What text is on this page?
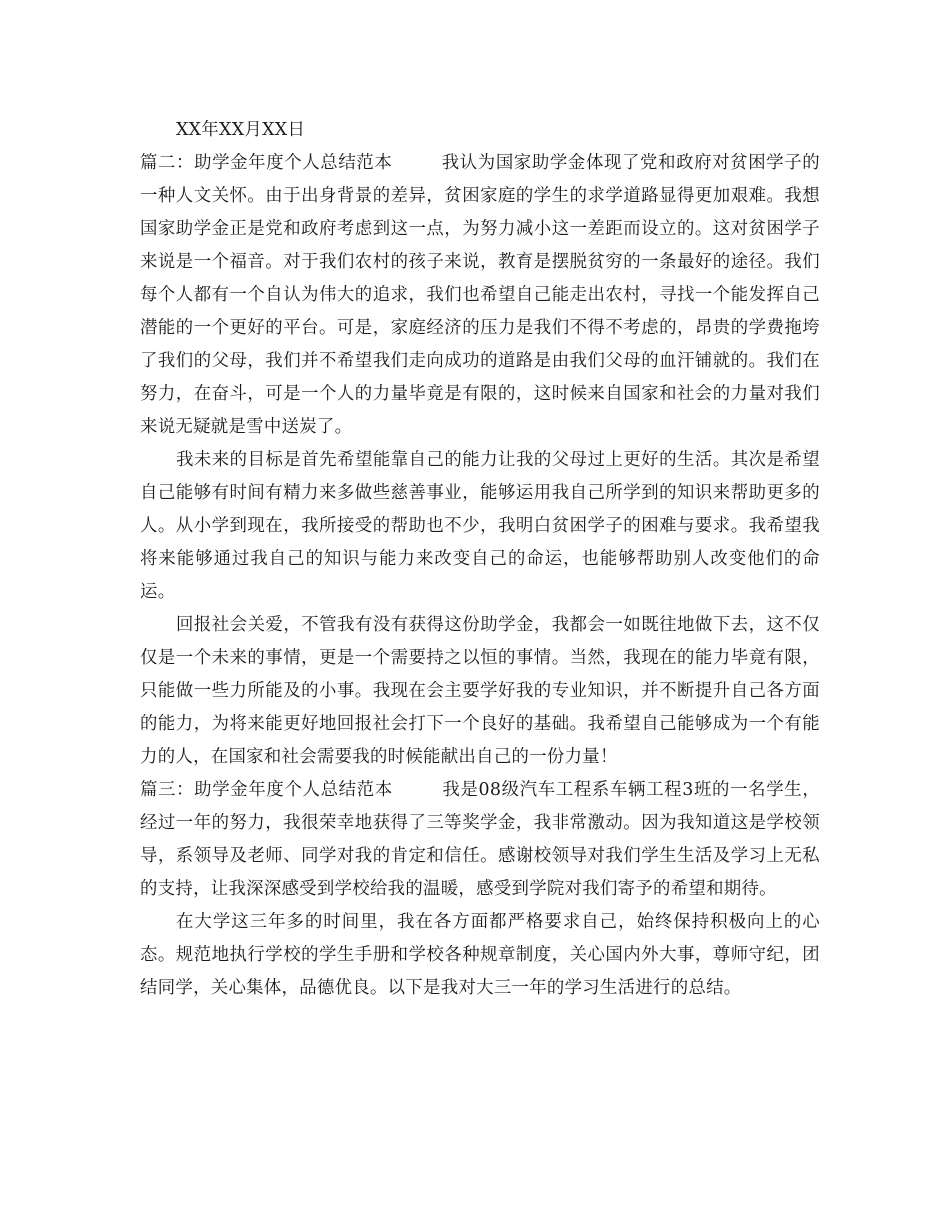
XX年XX月XX日

篇二：助学金年度个人总结范本	我认为国家助学金体现了党和政府对贫困学子的一种人文关怀。由于出身背景的差异，贫困家庭的学生的求学道路显得更加艰难。我想国家助学金正是党和政府考虑到这一点，为努力减小这一差距而设立的。这对贫困学子来说是一个福音。对于我们农村的孩子来说，教育是摆脱贫穷的一条最好的途径。我们每个人都有一个自认为伟大的追求，我们也希望自己能走出农村，寻找一个能发挥自己潜能的一个更好的平台。可是，家庭经济的压力是我们不得不考虑的，昂贵的学费拖垮了我们的父母，我们并不希望我们走向成功的道路是由我们父母的血汗铺就的。我们在努力，在奋斗，可是一个人的力量毕竟是有限的，这时候来自国家和社会的力量对我们来说无疑就是雪中送炭了。

我未来的目标是首先希望能靠自己的能力让我的父母过上更好的生活。其次是希望自己能够有时间有精力来多做些慈善事业，能够运用我自己所学到的知识来帮助更多的人。从小学到现在，我所接受的帮助也不少，我明白贫困学子的困难与要求。我希望我将来能够通过我自己的知识与能力来改变自己的命运，也能够帮助别人改变他们的命运。

回报社会关爱，不管我有没有获得这份助学金，我都会一如既往地做下去，这不仅仅是一个未来的事情，更是一个需要持之以恒的事情。当然，我现在的能力毕竟有限，只能做一些力所能及的小事。我现在会主要学好我的专业知识，并不断提升自己各方面的能力，为将来能更好地回报社会打下一个良好的基础。我希望自己能够成为一个有能力的人，在国家和社会需要我的时候能献出自己的一份力量！

篇三：助学金年度个人总结范本	我是08级汽车工程系车辆工程3班的一名学生，经过一年的努力，我很荣幸地获得了三等奖学金，我非常激动。因为我知道这是学校领导，系领导及老师、同学对我的肯定和信任。感谢校领导对我们学生生活及学习上无私的支持，让我深深感受到学校给我的温暖，感受到学院对我们寄予的希望和期待。

在大学这三年多的时间里，我在各方面都严格要求自己，始终保持积极向上的心态。规范地执行学校的学生手册和学校各种规章制度，关心国内外大事，尊师守纪，团结同学，关心集体，品德优良。以下是我对大三一年的学习生活进行的总结。
